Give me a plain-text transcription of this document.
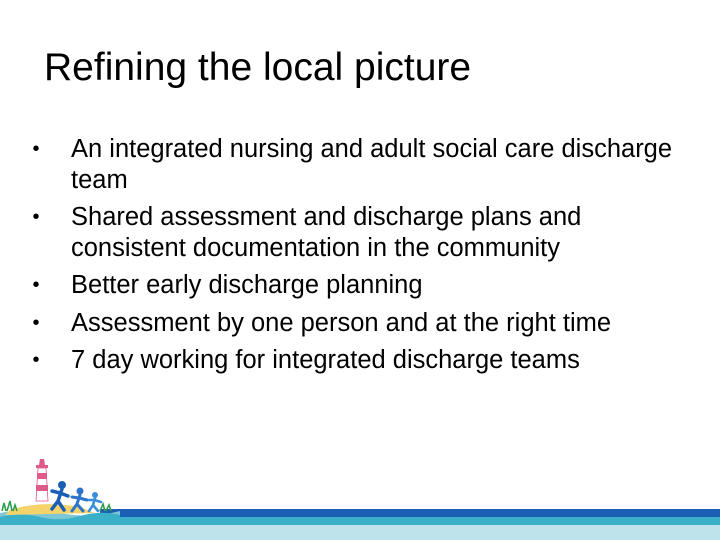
Refining the local picture
• An integrated nursing and adult social care discharge team
• Shared assessment and discharge plans and consistent documentation in the community
• Better early discharge planning
• Assessment by one person and at the right time
• 7 day working for integrated discharge teams
